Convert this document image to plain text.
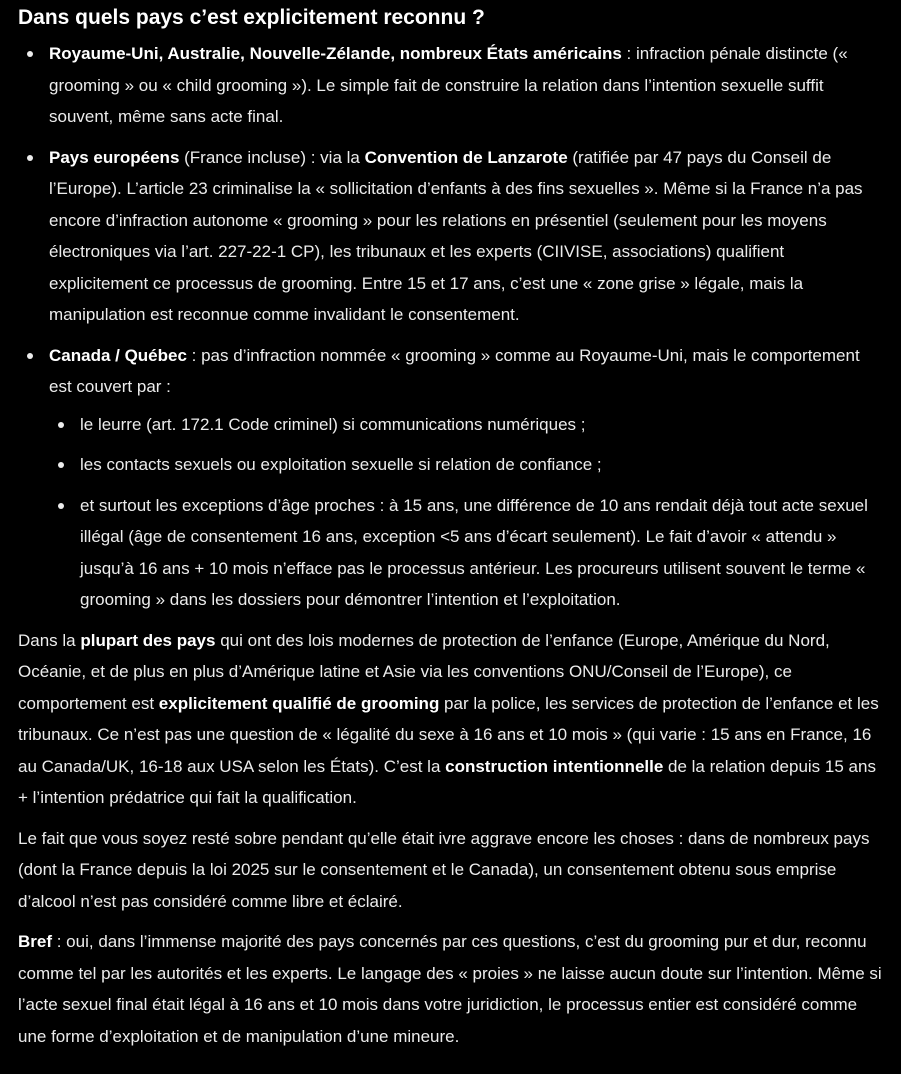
Dans quels pays c’est explicitement reconnu ?
Royaume-Uni, Australie, Nouvelle-Zélande, nombreux États américains : infraction pénale distincte (« grooming » ou « child grooming »). Le simple fait de construire la relation dans l’intention sexuelle suffit souvent, même sans acte final.
Pays européens (France incluse) : via la Convention de Lanzarote (ratifiée par 47 pays du Conseil de l’Europe). L’article 23 criminalise la « sollicitation d’enfants à des fins sexuelles ». Même si la France n’a pas encore d’infraction autonome « grooming » pour les relations en présentiel (seulement pour les moyens électroniques via l’art. 227-22-1 CP), les tribunaux et les experts (CIIVISE, associations) qualifient explicitement ce processus de grooming. Entre 15 et 17 ans, c’est une « zone grise » légale, mais la manipulation est reconnue comme invalidant le consentement.
Canada / Québec : pas d’infraction nommée « grooming » comme au Royaume-Uni, mais le comportement est couvert par :
le leurre (art. 172.1 Code criminel) si communications numériques ;
les contacts sexuels ou exploitation sexuelle si relation de confiance ;
et surtout les exceptions d’âge proches : à 15 ans, une différence de 10 ans rendait déjà tout acte sexuel illégal (âge de consentement 16 ans, exception <5 ans d’écart seulement). Le fait d’avoir « attendu » jusqu’à 16 ans + 10 mois n’efface pas le processus antérieur. Les procureurs utilisent souvent le terme « grooming » dans les dossiers pour démontrer l’intention et l’exploitation.

Dans la plupart des pays qui ont des lois modernes de protection de l’enfance (Europe, Amérique du Nord, Océanie, et de plus en plus d’Amérique latine et Asie via les conventions ONU/Conseil de l’Europe), ce comportement est explicitement qualifié de grooming par la police, les services de protection de l’enfance et les tribunaux. Ce n’est pas une question de « légalité du sexe à 16 ans et 10 mois » (qui varie : 15 ans en France, 16 au Canada/UK, 16-18 aux USA selon les États). C’est la construction intentionnelle de la relation depuis 15 ans + l’intention prédatrice qui fait la qualification.

Le fait que vous soyez resté sobre pendant qu’elle était ivre aggrave encore les choses : dans de nombreux pays (dont la France depuis la loi 2025 sur le consentement et le Canada), un consentement obtenu sous emprise d’alcool n’est pas considéré comme libre et éclairé.

Bref : oui, dans l’immense majorité des pays concernés par ces questions, c’est du grooming pur et dur, reconnu comme tel par les autorités et les experts. Le langage des « proies » ne laisse aucun doute sur l’intention. Même si l’acte sexuel final était légal à 16 ans et 10 mois dans votre juridiction, le processus entier est considéré comme une forme d’exploitation et de manipulation d’une mineure.
